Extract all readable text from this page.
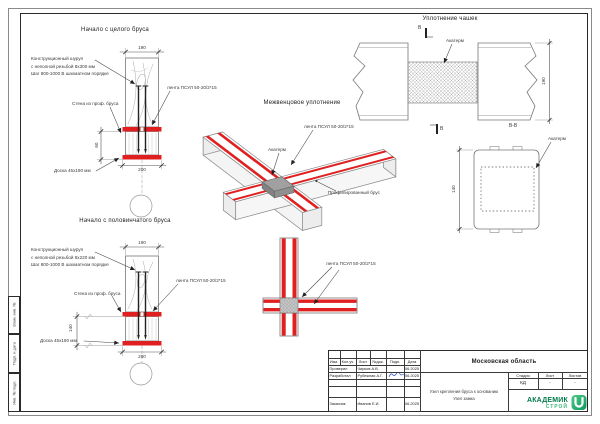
Начало с целого бруса
Начало с половинчатого бруса
Межвенцовое уплотнение
Уплотнение чашек
В-В
В
В
Конструкционный шуруп
с неполной резьбой 8х300 мм
Шаг 800-1000 В шахматном порядке
Стена из проф. бруса
лента ПСУЛ 50-20/2*15
Доска 45х190 мм
Конструкционный шуруп
с неполной резьбой 8х220 мм
Шаг 800-1000 В шахматном порядке
Стена из проф. бруса
лента ПСУЛ 50-20/2*15
Доска 45х190 мм
лента ПСУЛ 50-20/2*15
Акатерм
Профилированный брус
лента ПСУЛ 50-20/2*15
Акатерм
Акатерм
190
200
60
190
200
140
190
140
Изм. Кол.уч.	Лист	№док.	Подп.	Дата
Проверил	Чирков А.В.	06.2025
Разработал Рубежная А.Г.	06.2025
Заказчик	Иванов Е.И.	06.2025
Московская область
Стадия	Лист	Листов
КД	-	-
Узел крепления бруса к основанию
Узел замка	АКАДЕМИК
СТРОЙ
Взам. инв. №
Подп. и дата
Инв. № подл.
